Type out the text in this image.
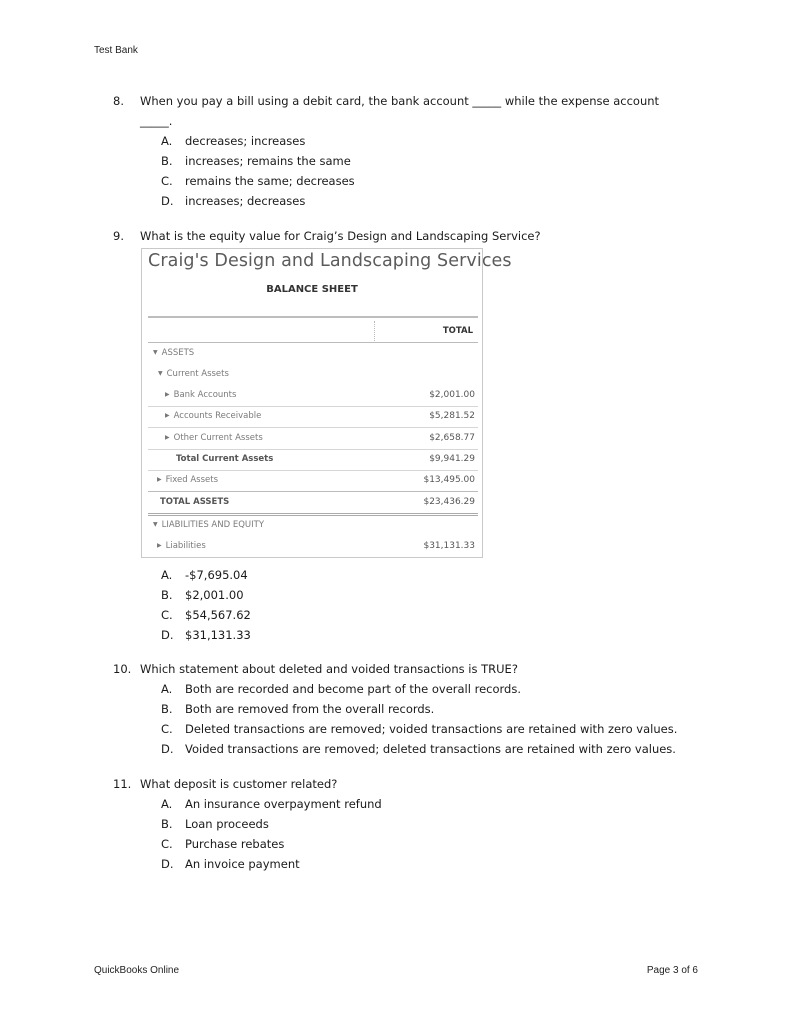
Test Bank
8.	When you pay a bill using a debit card, the bank account _____ while the expense account _____.
A.	decreases; increases
B.	increases; remains the same
C.	remains the same; decreases
D. increases; decreases
9.	What is the equity value for Craig’s Design and Landscaping Service?
Craig's Design and Landscaping Services
BALANCE SHEET
TOTAL
▼ ASSETS
▼ Current Assets
▶ Bank Accounts	$2,001.00
▶ Accounts Receivable	$5,281.52
▶ Other Current Assets	$2,658.77
Total Current Assets	$9,941.29
▶ Fixed Assets	$13,495.00
TOTAL ASSETS	$23,436.29
▼ LIABILITIES AND EQUITY
▶ Liabilities	$31,131.33
A.	-$7,695.04
B.	$2,001.00
C.	$54,567.62
D. $31,131.33
10. Which statement about deleted and voided transactions is TRUE?
A.	Both are recorded and become part of the overall records.
B.	Both are removed from the overall records.
C.	Deleted transactions are removed; voided transactions are retained with zero values.
D. Voided transactions are removed; deleted transactions are retained with zero values.
11. What deposit is customer related?
A.	An insurance overpayment refund
B.	Loan proceeds
C.	Purchase rebates
D. An invoice payment
QuickBooks Online	Page 3 of 6
